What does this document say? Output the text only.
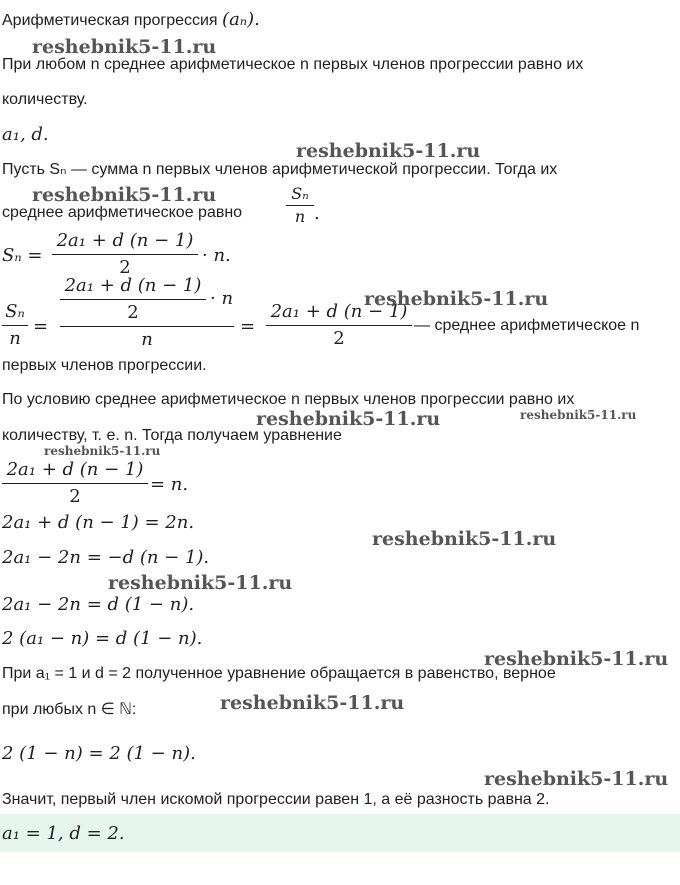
Арифметическая прогрессия (aₙ).
При любом n среднее арифметическое n первых членов прогрессии равно их
количеству.
a₁, d.
Пусть Sₙ — сумма n первых членов арифметической прогрессии. Тогда их
среднее арифметическое равно
Sₙ
n .
Sₙ =
2a₁ + d (n − 1)
2
· n.
Sₙ
n
=
2a₁ + d (n − 1)
2
· n
n
=
2a₁ + d (n − 1)
2
— среднее арифметическое n
первых членов прогрессии.
По условию среднее арифметическое n первых членов прогрессии равно их
количеству, т. е. n. Тогда получаем уравнение
2a₁ + d (n − 1)
2
= n.
2a₁ + d (n − 1) = 2n.
2a₁ − 2n = −d (n − 1).
2a₁ − 2n = d (1 − n).
2 (a₁ − n) = d (1 − n).
При a₁ = 1 и d = 2 полученное уравнение обращается в равенство, верное
при любых n ∈ ℕ:
2 (1 − n) = 2 (1 − n).
Значит, первый член искомой прогрессии равен 1, а её разность равна 2.
a₁ = 1, d = 2.
reshebnik5-11.ru
reshebnik5-11.ru
reshebnik5-11.ru
reshebnik5-11.ru
reshebnik5-11.ru	reshebnik5-11.ru
reshebnik5-11.ru
reshebnik5-11.ru
reshebnik5-11.ru
reshebnik5-11.ru
reshebnik5-11.ru
reshebnik5-11.ru
